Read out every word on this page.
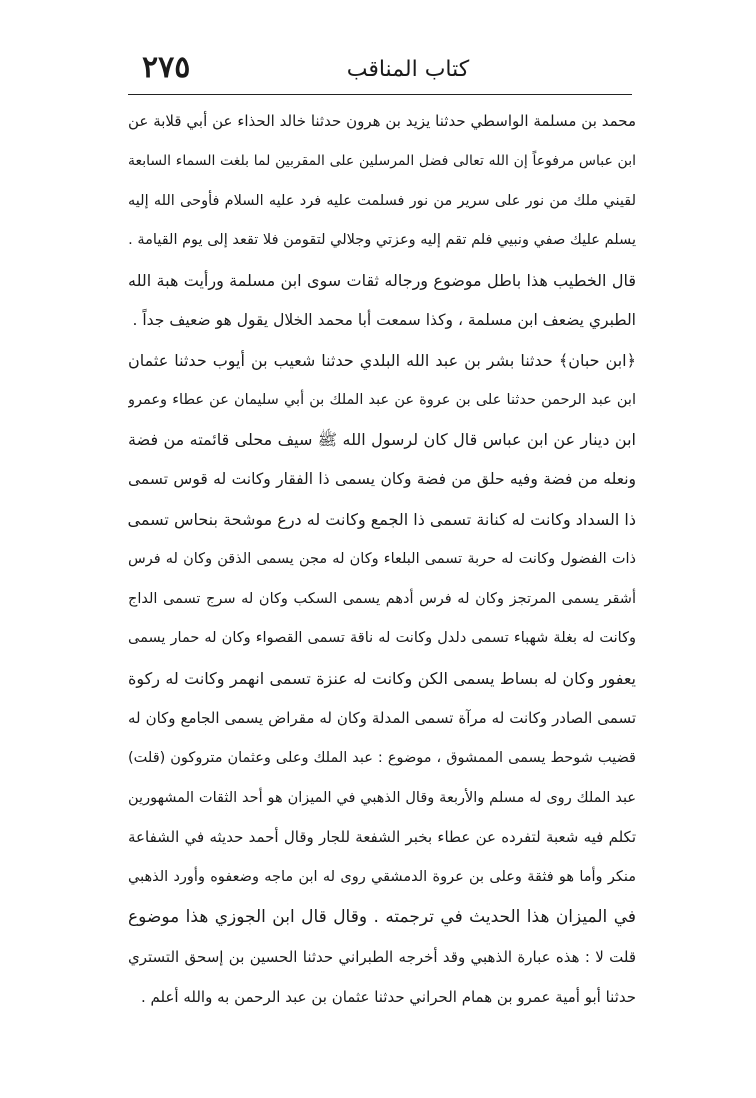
٢٧٥	كتاب المناقب
محمد بن مسلمة الواسطي حدثنا يزيد بن هرون حدثنا خالد الحذاء عن أبي قلابة عن
ابن عباس مرفوعاً إن الله تعالى فضل المرسلين على المقربين لما بلغت السماء السابعة
لقيني ملك من نور على سرير من نور فسلمت عليه فرد عليه السلام فأوحى الله إليه
يسلم عليك صفي ونبيي فلم تقم إليه وعزتي وجلالي لتقومن فلا تقعد إلى يوم القيامة .
قال الخطيب هذا باطل موضوع ورجاله ثقات سوى ابن مسلمة ورأيت هبة الله
الطبري يضعف ابن مسلمة ، وكذا سمعت أبا محمد الخلال يقول هو ضعيف جداً .
﴿ابن حبان﴾ حدثنا بشر بن عبد الله البلدي حدثنا شعيب بن أيوب حدثنا عثمان
ابن عبد الرحمن حدثنا على بن عروة عن عبد الملك بن أبي سليمان عن عطاء وعمرو
ابن دينار عن ابن عباس قال كان لرسول الله ﷺ سيف محلى قائمته من فضة
ونعله من فضة وفيه حلق من فضة وكان يسمى ذا الفقار وكانت له قوس تسمى
ذا السداد وكانت له كنانة تسمى ذا الجمع وكانت له درع موشحة بنحاس تسمى
ذات الفضول وكانت له حربة تسمى البلعاء وكان له مجن يسمى الذقن وكان له فرس
أشقر يسمى المرتجز وكان له فرس أدهم يسمى السكب وكان له سرج تسمى الداج
وكانت له بغلة شهباء تسمى دلدل وكانت له ناقة تسمى القصواء وكان له حمار يسمى
يعفور وكان له بساط يسمى الكن وكانت له عنزة تسمى انهمر وكانت له ركوة
تسمى الصادر وكانت له مرآة تسمى المدلة وكان له مقراض يسمى الجامع وكان له
قضيب شوحط يسمى الممشوق ، موضوع : عبد الملك وعلى وعثمان متروكون (قلت)
عبد الملك روى له مسلم والأربعة وقال الذهبي في الميزان هو أحد الثقات المشهورين
تكلم فيه شعبة لتفرده عن عطاء بخبر الشفعة للجار وقال أحمد حديثه في الشفاعة
منكر وأما هو فثقة وعلى بن عروة الدمشقي روى له ابن ماجه وضعفوه وأورد الذهبي
في الميزان هذا الحديث في ترجمته . وقال قال ابن الجوزي هذا موضوع
قلت لا : هذه عبارة الذهبي وقد أخرجه الطبراني حدثنا الحسين بن إسحق التستري
حدثنا أبو أمية عمرو بن همام الحراني حدثنا عثمان بن عبد الرحمن به والله أعلم .
